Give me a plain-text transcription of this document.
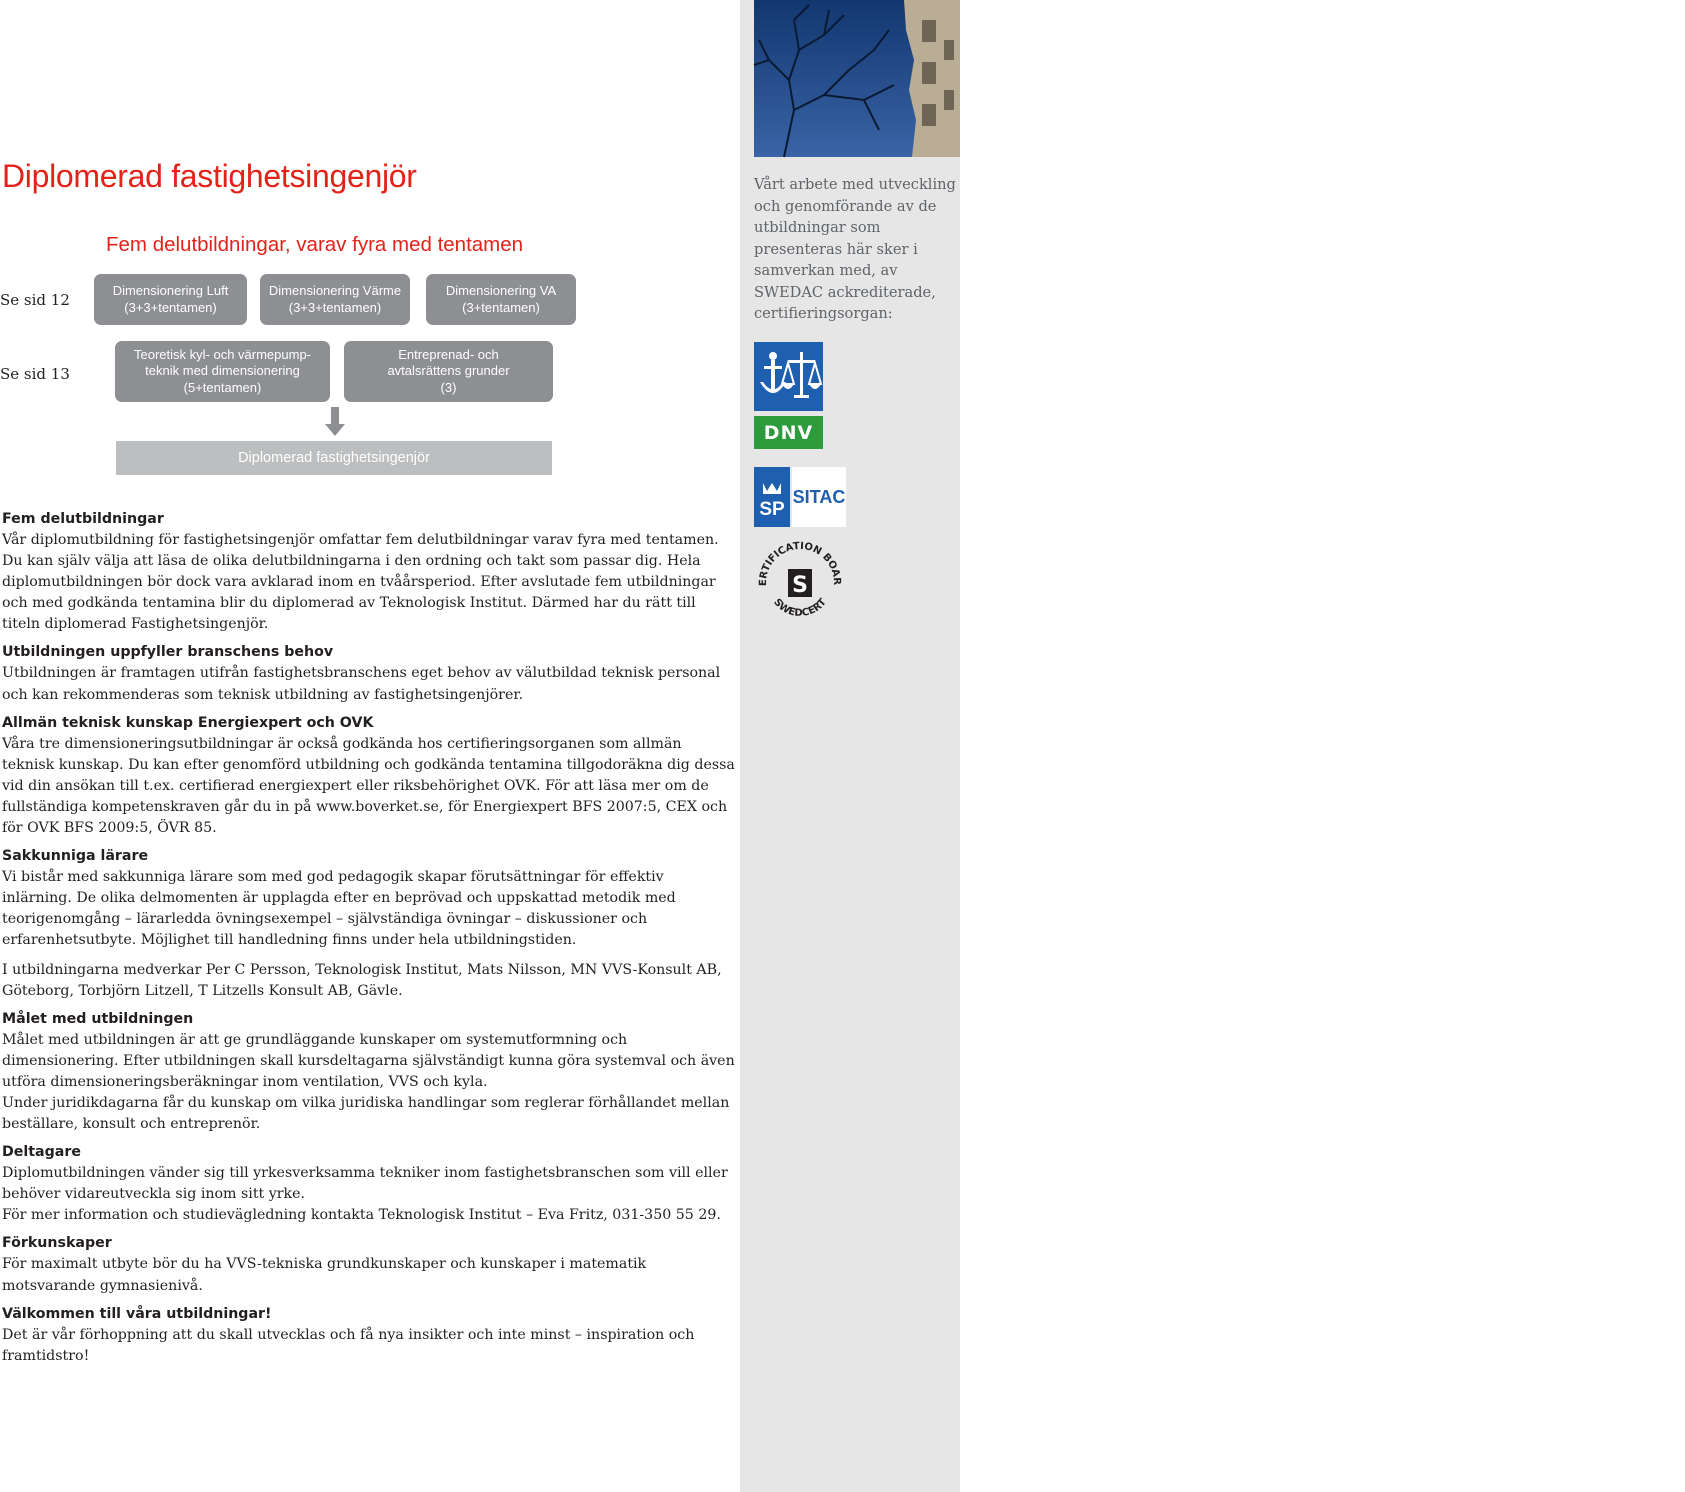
Vårt arbete med utveckling och genomförande av de utbildningar som presenteras här sker i samverkan med, av SWEDAC ackrediterade, certifieringsorgan:
DNV
SP
SITAC
ERTIFICATION BOAR
SWEDCERT
S
11
Diplomerad fastighetsingenjör
Fem delutbildningar, varav fyra med tentamen
Se sid 12
Dimensionering Luft
(3+3+tentamen)
Dimensionering Värme
(3+3+tentamen)
Dimensionering VA
(3+tentamen)
Se sid 13
Teoretisk kyl- och värmepump-
teknik med dimensionering
(5+tentamen)
Entreprenad- och
avtalsrättens grunder
(3)
Diplomerad fastighetsingenjör
Fem delutbildningar
Vår diplomutbildning för fastighetsingenjör omfattar fem delutbildningar varav fyra med tentamen. Du kan själv välja att läsa de olika delutbildningarna i den ordning och takt som passar dig. Hela diplomutbildningen bör dock vara avklarad inom en tvåårsperiod. Efter avslutade fem utbildningar och med godkända tentamina blir du diplomerad av Teknologisk Institut. Därmed har du rätt till titeln diplomerad Fastighetsingenjör.
Utbildningen uppfyller branschens behov
Utbildningen är framtagen utifrån fastighetsbranschens eget behov av välutbildad teknisk personal och kan rekommenderas som teknisk utbildning av fastighetsingenjörer.
Allmän teknisk kunskap Energiexpert och OVK
Våra tre dimensioneringsutbildningar är också godkända hos certifieringsorganen som allmän teknisk kunskap. Du kan efter genomförd utbildning och godkända tentamina tillgodoräkna dig dessa vid din ansökan till t.ex. certifierad energiexpert eller riksbehörighet OVK. För att läsa mer om de fullständiga kompetenskraven går du in på www.boverket.se, för Energiexpert BFS 2007:5, CEX och för OVK BFS 2009:5, ÖVR 85.
Sakkunniga lärare
Vi bistår med sakkunniga lärare som med god pedagogik skapar förutsättningar för effektiv inlärning. De olika delmomenten är upplagda efter en beprövad och uppskattad metodik med teorigenomgång – lärarledda övningsexempel – självständiga övningar – diskussioner och erfarenhetsutbyte. Möjlighet till handledning finns under hela utbildningstiden.
I utbildningarna medverkar Per C Persson, Teknologisk Institut, Mats Nilsson, MN VVS-Konsult AB, Göteborg, Torbjörn Litzell, T Litzells Konsult AB, Gävle.
Målet med utbildningen
Målet med utbildningen är att ge grundläggande kunskaper om systemutformning och dimensionering. Efter utbildningen skall kursdeltagarna självständigt kunna göra systemval och även utföra dimensioneringsberäkningar inom ventilation, VVS och kyla.
Under juridikdagarna får du kunskap om vilka juridiska handlingar som reglerar förhållandet mellan beställare, konsult och entreprenör.
Deltagare
Diplomutbildningen vänder sig till yrkesverksamma tekniker inom fastighetsbranschen som vill eller behöver vidareutveckla sig inom sitt yrke.
För mer information och studievägledning kontakta Teknologisk Institut – Eva Fritz, 031-350 55 29.
Förkunskaper
För maximalt utbyte bör du ha VVS-tekniska grundkunskaper och kunskaper i matematik motsvarande gymnasienivå.
Välkommen till våra utbildningar!
Det är vår förhoppning att du skall utvecklas och få nya insikter och inte minst – inspiration och framtidstro!
